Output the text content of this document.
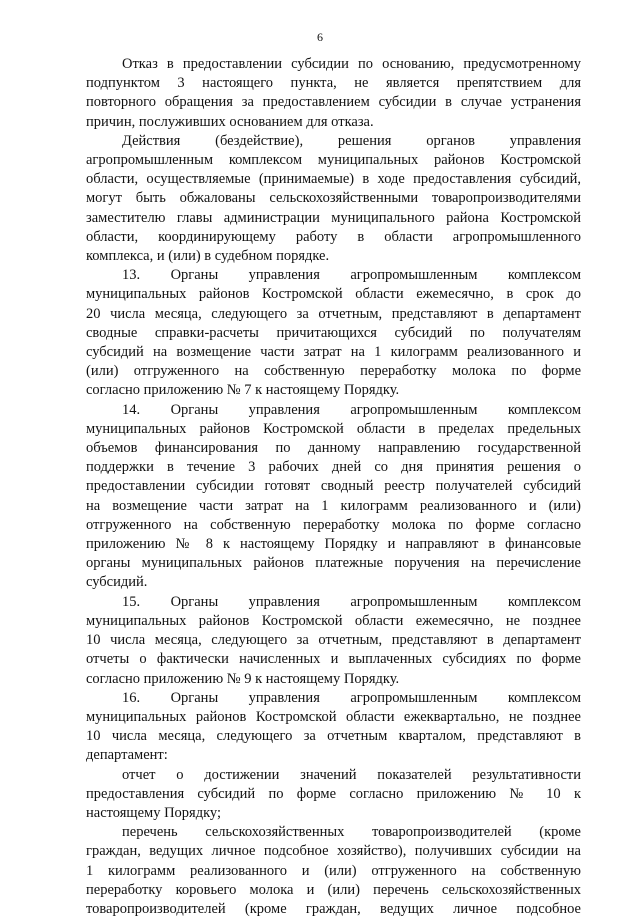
6
Отказ в предоставлении субсидии по основанию, предусмотренному
подпунктом 3 настоящего пункта, не является препятствием для
повторного обращения за предоставлением субсидии в случае устранения
причин, послуживших основанием для отказа.
Действия (бездействие), решения органов управления
агропромышленным комплексом муниципальных районов Костромской
области, осуществляемые (принимаемые) в ходе предоставления субсидий,
могут быть обжалованы сельскохозяйственными товаропроизводителями
заместителю главы администрации муниципального района Костромской
области, координирующему работу в области агропромышленного
комплекса, и (или) в судебном порядке.
13. Органы управления агропромышленным комплексом
муниципальных районов Костромской области ежемесячно, в срок до
20 числа месяца, следующего за отчетным, представляют в департамент
сводные справки-расчеты причитающихся субсидий по получателям
субсидий на возмещение части затрат на 1 килограмм реализованного и
(или) отгруженного на собственную переработку молока по форме
согласно приложению № 7 к настоящему Порядку.
14. Органы управления агропромышленным комплексом
муниципальных районов Костромской области в пределах предельных
объемов финансирования по данному направлению государственной
поддержки в течение 3 рабочих дней со дня принятия решения о
предоставлении субсидии готовят сводный реестр получателей субсидий
на возмещение части затрат на 1 килограмм реализованного и (или)
отгруженного на собственную переработку молока по форме согласно
приложению № 8 к настоящему Порядку и направляют в финансовые
органы муниципальных районов платежные поручения на перечисление
субсидий.
15. Органы управления агропромышленным комплексом
муниципальных районов Костромской области ежемесячно, не позднее
10 числа месяца, следующего за отчетным, представляют в департамент
отчеты о фактически начисленных и выплаченных субсидиях по форме
согласно приложению № 9 к настоящему Порядку.
16. Органы управления агропромышленным комплексом
муниципальных районов Костромской области ежеквартально, не позднее
10 числа месяца, следующего за отчетным кварталом, представляют в
департамент:
отчет о достижении значений показателей результативности
предоставления субсидий по форме согласно приложению № 10 к
настоящему Порядку;
перечень сельскохозяйственных товаропроизводителей (кроме
граждан, ведущих личное подсобное хозяйство), получивших субсидии на
1 килограмм реализованного и (или) отгруженного на собственную
переработку коровьего молока и (или) перечень сельскохозяйственных
товаропроизводителей (кроме граждан, ведущих личное подсобное
